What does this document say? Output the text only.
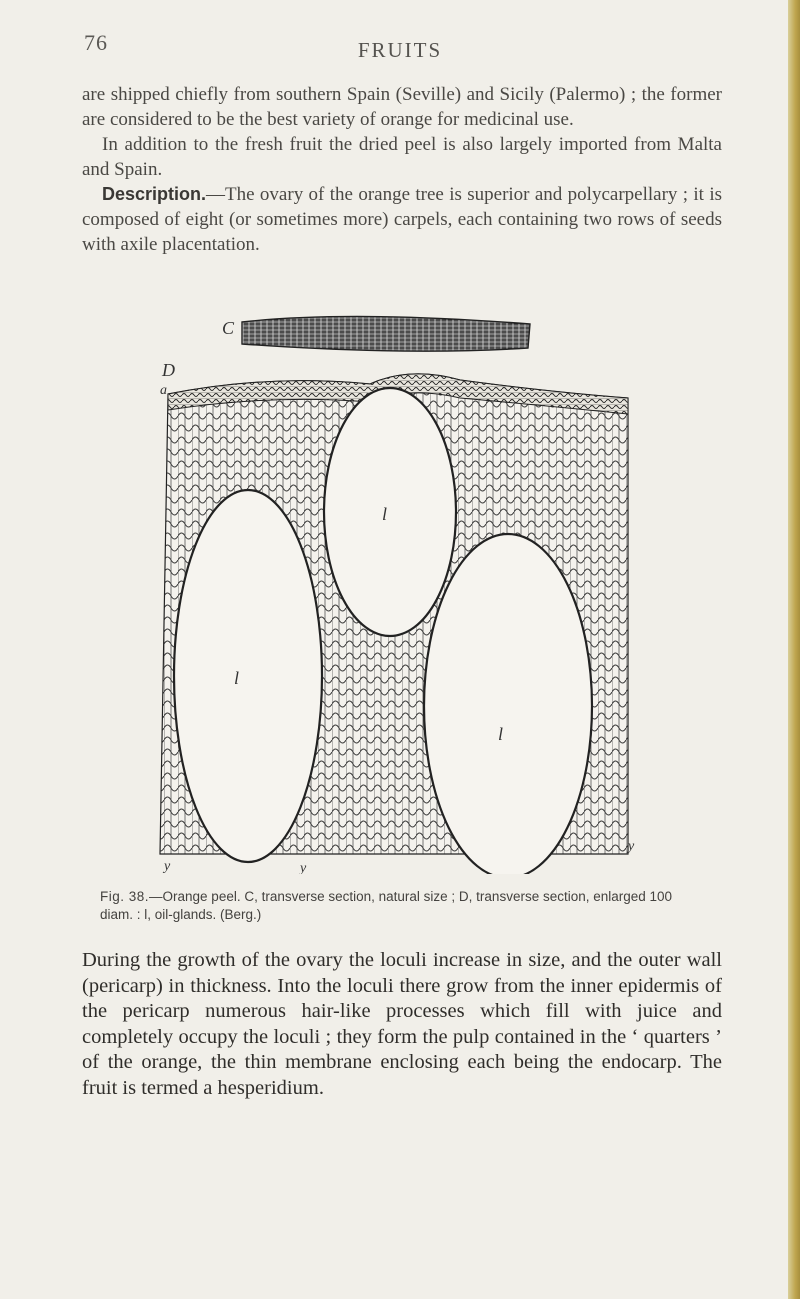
76	FRUITS

are shipped chiefly from southern Spain (Seville) and Sicily (Palermo) ; the former are considered to be the best variety of orange for medicinal use.

In addition to the fresh fruit the dried peel is also largely imported from Malta and Spain.

Description.—The ovary of the orange tree is superior and polycarpellary ; it is composed of eight (or sometimes more) carpels, each containing two rows of seeds with axile placentation.

C
D
a
l
l
l
y	y
y
Fig. 38.—Orange peel. C, transverse section, natural size ; D, transverse section, enlarged 100 diam. : l, oil-glands. (Berg.)

During the growth of the ovary the loculi increase in size, and the outer wall (pericarp) in thickness. Into the loculi there grow from the inner epidermis of the pericarp numerous hair-like processes which fill with juice and completely occupy the loculi ; they form the pulp contained in the ‘ quarters ’ of the orange, the thin membrane enclosing each being the endocarp. The fruit is termed a hesperidium.
